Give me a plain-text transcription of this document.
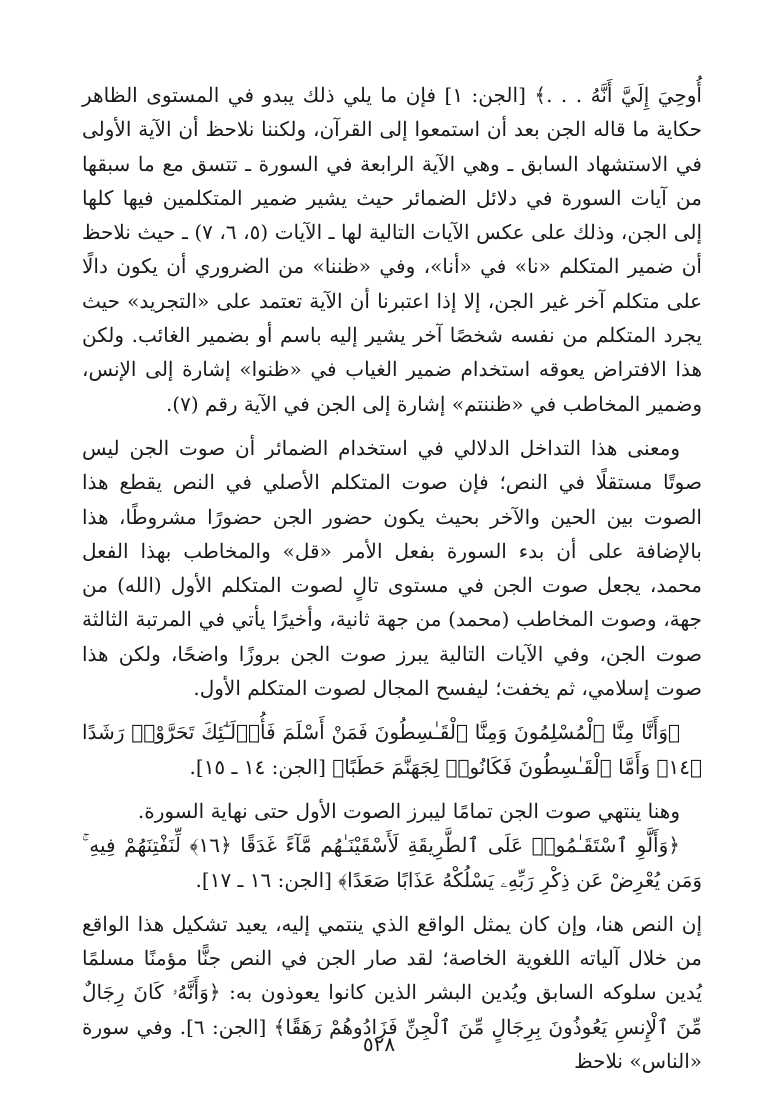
أُوحِيَ إِلَيَّ أَنَّهُ . . .﴾ [الجن: ١] فإن ما يلي ذلك يبدو في المستوى الظاهر حكاية ما قاله الجن بعد أن استمعوا إلى القرآن، ولكننا نلاحظ أن الآية الأولى في الاستشهاد السابق ـ وهي الآية الرابعة في السورة ـ تتسق مع ما سبقها من آيات السورة في دلائل الضمائر حيث يشير ضمير المتكلمين فيها كلها إلى الجن، وذلك على عكس الآيات التالية لها ـ الآيات (٥، ٦، ٧) ـ حيث نلاحظ أن ضمير المتكلم «نا» في «أنا»، وفي «ظننا» من الضروري أن يكون دالًا على متكلم آخر غير الجن، إلا إذا اعتبرنا أن الآية تعتمد على «التجريد» حيث يجرد المتكلم من نفسه شخصًا آخر يشير إليه باسم أو بضمير الغائب. ولكن هذا الافتراض يعوقه استخدام ضمير الغياب في «ظنوا» إشارة إلى الإنس، وضمير المخاطب في «ظننتم» إشارة إلى الجن في الآية رقم (٧).

ومعنى هذا التداخل الدلالي في استخدام الضمائر أن صوت الجن ليس صوتًا مستقلًا في النص؛ فإن صوت المتكلم الأصلي في النص يقطع هذا الصوت بين الحين والآخر بحيث يكون حضور الجن حضورًا مشروطًا، هذا بالإضافة على أن بدء السورة بفعل الأمر «قل» والمخاطب بهذا الفعل محمد، يجعل صوت الجن في مستوى تالٍ لصوت المتكلم الأول (الله) من جهة، وصوت المخاطب (محمد) من جهة ثانية، وأخيرًا يأتي في المرتبة الثالثة صوت الجن، وفي الآيات التالية يبرز صوت الجن بروزًا واضحًا، ولكن هذا صوت إسلامي، ثم يخفت؛ ليفسح المجال لصوت المتكلم الأول.

﴿وَأَنَّا مِنَّا ٱلْمُسْلِمُونَ وَمِنَّا ٱلْقَـٰسِطُونَ فَمَنْ أَسْلَمَ فَأُو۟لَـٰٓئِكَ تَحَرَّوْا۟ رَشَدًا ﴿١٤﴾ وَأَمَّا ٱلْقَـٰسِطُونَ فَكَانُوا۟ لِجَهَنَّمَ حَطَبًا﴾ [الجن: ١٤ ـ ١٥].

وهنا ينتهي صوت الجن تمامًا ليبرز الصوت الأول حتى نهاية السورة.

﴿وَأَلَّوِ ٱسْتَقَـٰمُوا۟ عَلَى ٱلطَّرِيقَةِ لَأَسْقَيْنَـٰهُم مَّآءً غَدَقًا ﴿١٦﴾ لِّنَفْتِنَهُمْ فِيهِ ۚ وَمَن يُعْرِضْ عَن ذِكْرِ رَبِّهِۦ يَسْلُكْهُ عَذَابًا صَعَدًا﴾ [الجن: ١٦ ـ ١٧].

إن النص هنا، وإن كان يمثل الواقع الذي ينتمي إليه، يعيد تشكيل هذا الواقع من خلال آلياته اللغوية الخاصة؛ لقد صار الجن في النص جنًّا مؤمنًا مسلمًا يُدين سلوكه السابق ويُدين البشر الذين كانوا يعوذون به: ﴿وَأَنَّهُۥ كَانَ رِجَالٌ مِّنَ ٱلْإِنسِ يَعُوذُونَ بِرِجَالٍ مِّنَ ٱلْجِنِّ فَزَادُوهُمْ رَهَقًا﴾ [الجن: ٦]. وفي سورة «الناس» نلاحظ

٥٢٨
